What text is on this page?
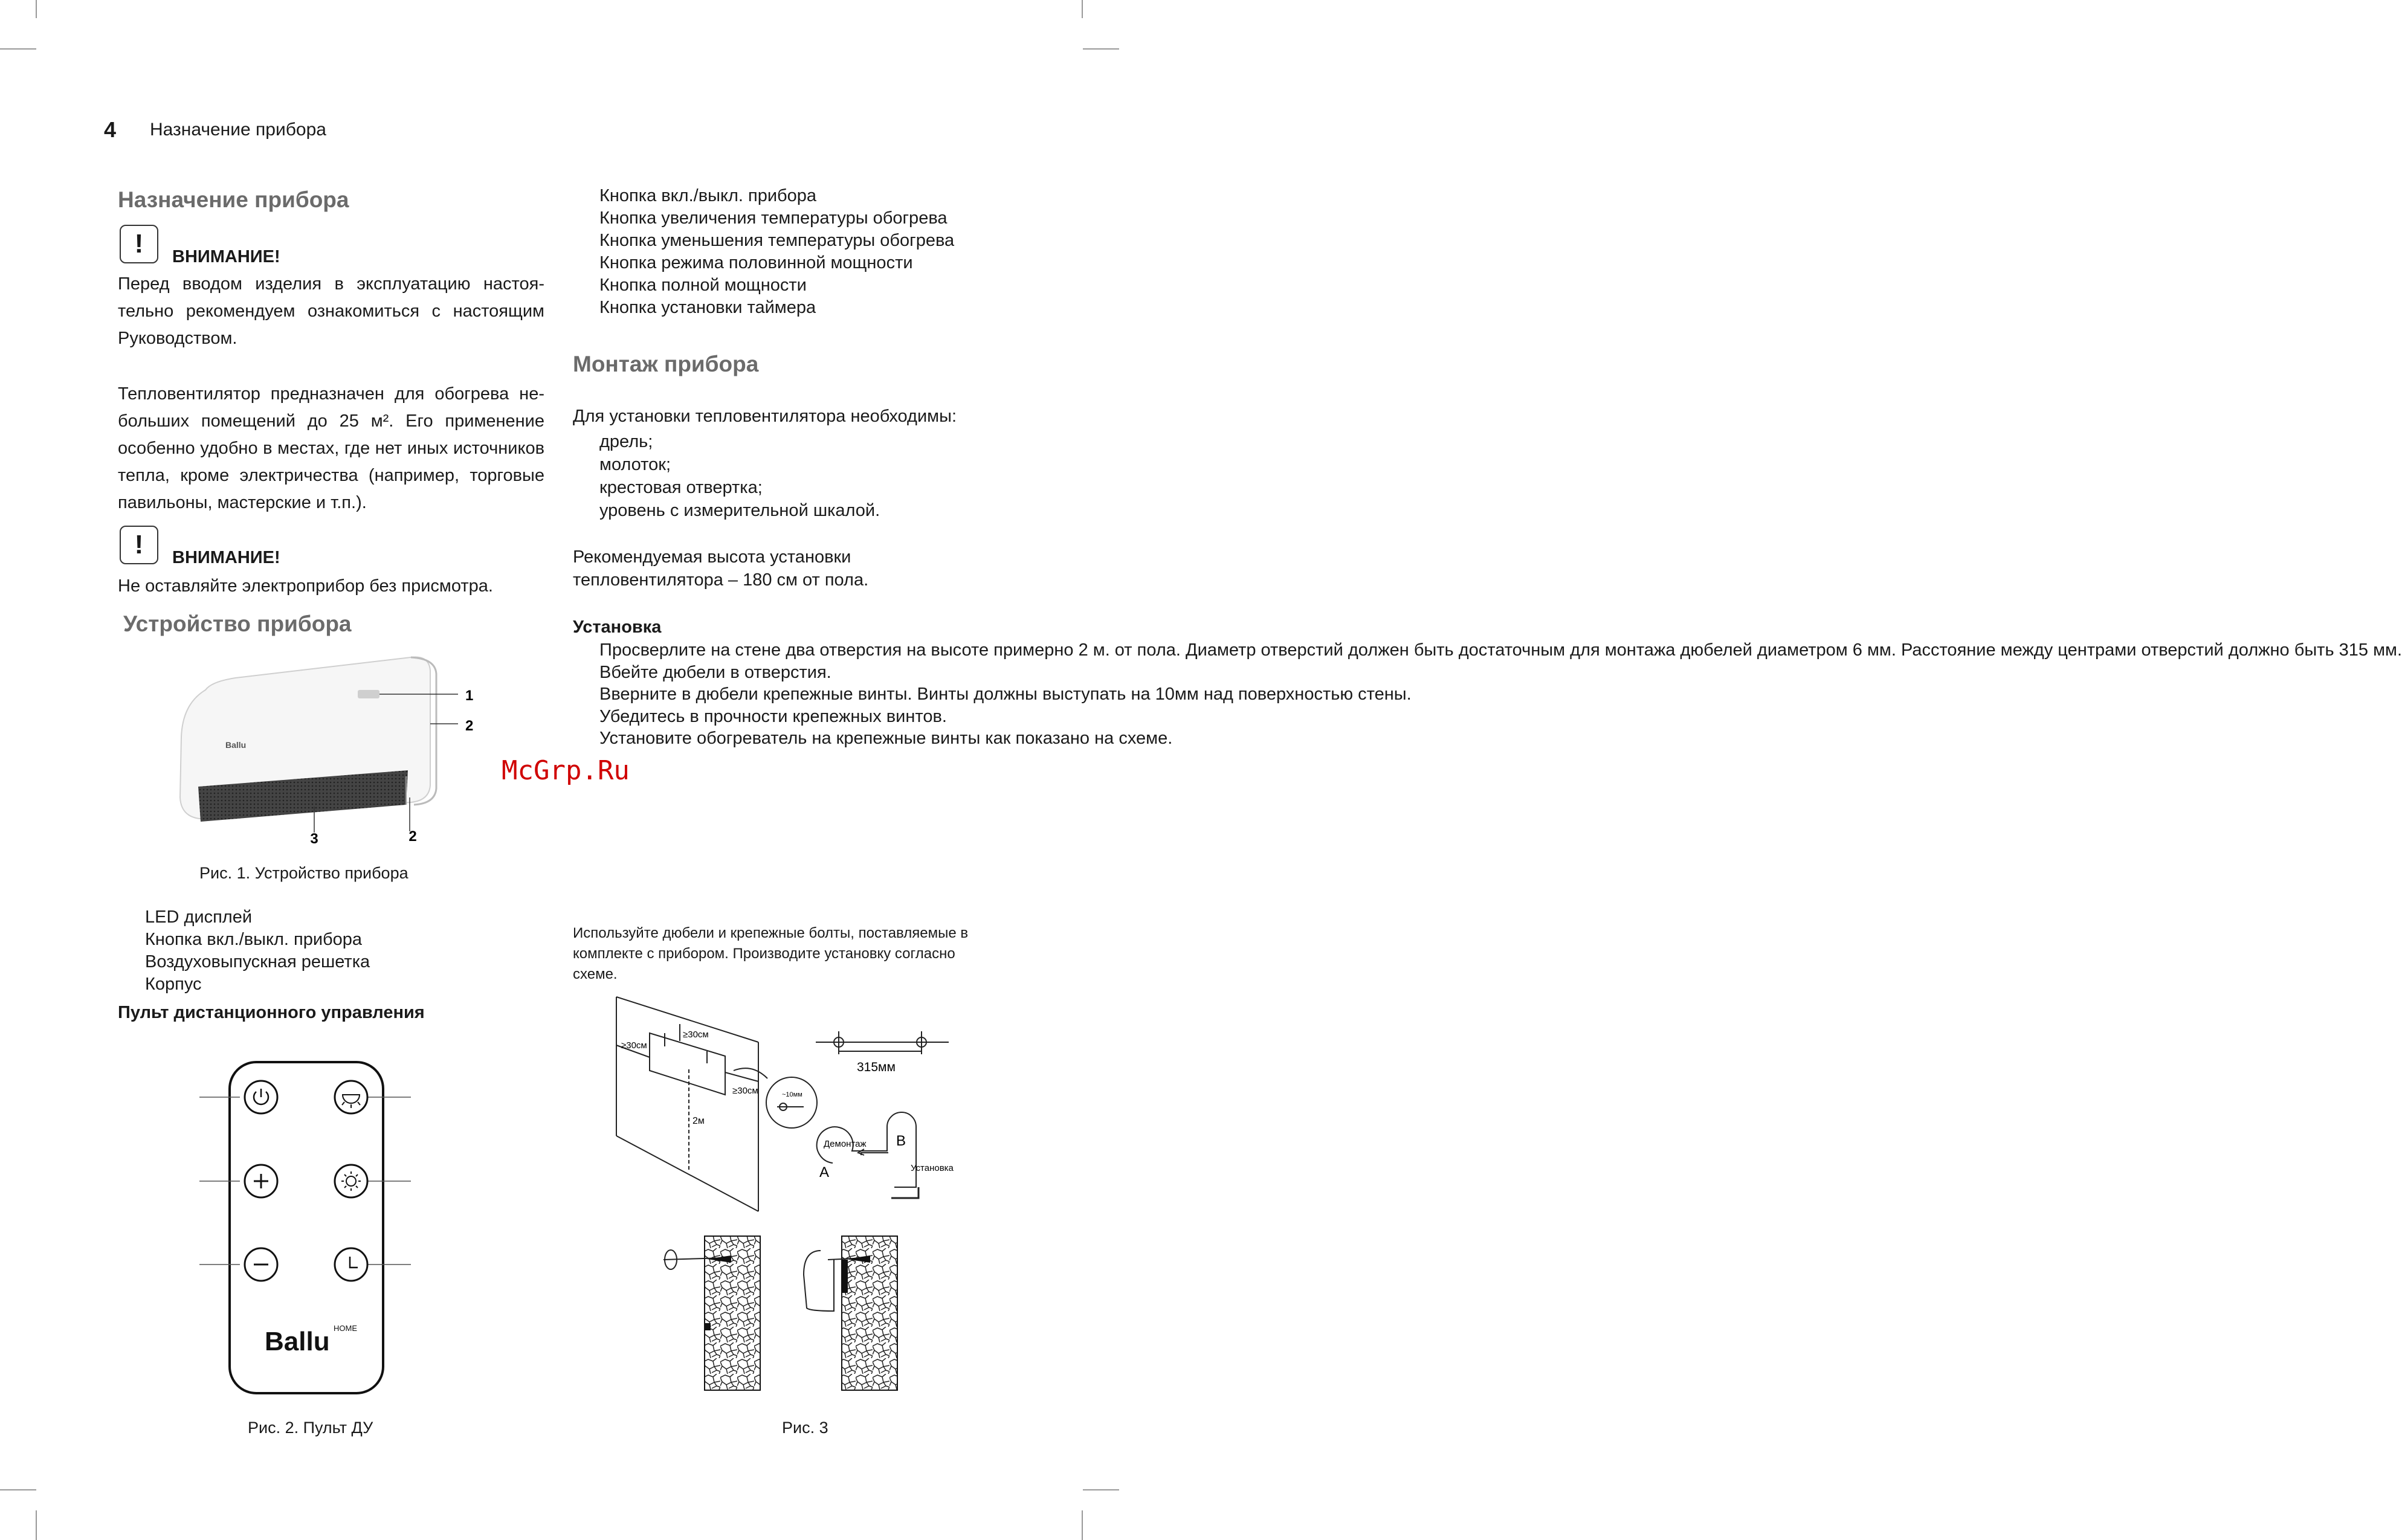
4 Назначение прибора
Назначение прибора
!	ВНИМАНИЕ!
Перед вводом изделия в эксплуатацию настоя-тельно рекомендуем ознакомиться с настоящим Руководством.
Тепловентилятор предназначен для обогрева не-больших помещений до 25 м². Его применение особенно удобно в местах, где нет иных источников тепла, кроме электричества (например, торговые павильоны, мастерские и т.п.).
!	ВНИМАНИЕ!
Не оставляйте электроприбор без присмотра.
Устройство прибора
Ballu
1
2
3	2
Рис. 1. Устройство прибора
LED дисплей
Кнопка вкл./выкл. прибора
Воздуховыпускная решетка
Корпус
Пульт дистанционного управления
Ballu HOME
Рис. 2. Пульт ДУ
Кнопка вкл./выкл. прибора
Кнопка увеличения температуры обогрева
Кнопка уменьшения температуры обогрева
Кнопка режима половинной мощности
Кнопка полной мощности
Кнопка установки таймера
Монтаж прибора
Для установки тепловентилятора необходимы:
дрель;
молоток;
крестовая отвертка;
уровень с измерительной шкалой.
Рекомендуемая высота установки тепловентилятора – 180 см от пола.
Установка
Просверлите на стене два отверстия на высоте примерно 2 м. от пола. Диаметр отверстий должен быть достаточным для монтажа дюбелей диаметром 6 мм. Расстояние между центрами отверстий должно быть 315 мм.
Вбейте дюбели в отверстия.
Вверните в дюбели крепежные винты. Винты должны выступать на 10мм над поверхностью стены.
Убедитесь в прочности крепежных винтов.
Установите обогреватель на крепежные винты как показано на схеме.
Используйте дюбели и крепежные болты, поставляемые в комплекте с прибором. Производите установку согласно схеме.
≥30см
≥30см
≥30см
2м
~10мм
315мм
A
B
Демонтаж
Установка
Рис. 3
McGrp.Ru
